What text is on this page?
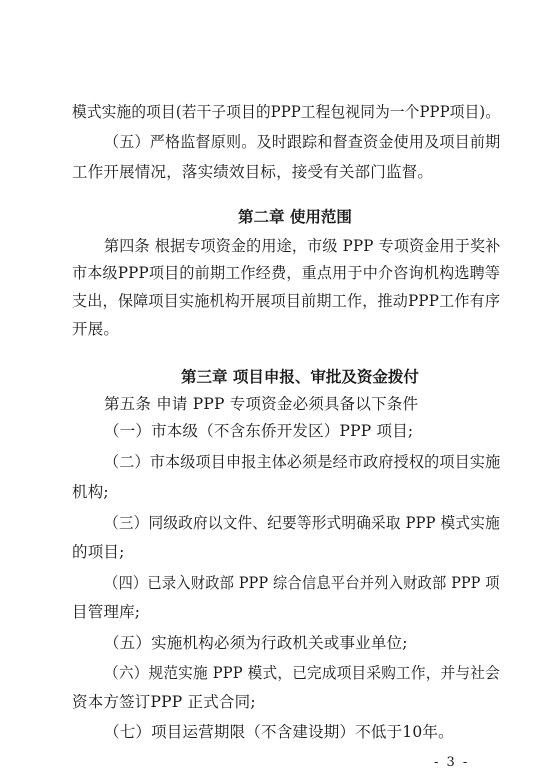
模式实施的项目(若干子项目的PPP工程包视同为一个PPP项目)。
（五）严格监督原则。及时跟踪和督查资金使用及项目前期
工作开展情况，落实绩效目标，接受有关部门监督。
第二章 使用范围
第四条 根据专项资金的用途，市级 PPP 专项资金用于奖补
市本级PPP项目的前期工作经费，重点用于中介咨询机构选聘等
支出，保障项目实施机构开展项目前期工作，推动PPP工作有序
开展。
第三章 项目申报、审批及资金拨付
第五条 申请 PPP 专项资金必须具备以下条件
（一）市本级（不含东侨开发区）PPP 项目;
（二）市本级项目申报主体必须是经市政府授权的项目实施
机构;
（三）同级政府以文件、纪要等形式明确采取 PPP 模式实施
的项目;
（四）已录入财政部 PPP 综合信息平台并列入财政部 PPP 项
目管理库;
（五）实施机构必须为行政机关或事业单位;
（六）规范实施 PPP 模式，已完成项目采购工作，并与社会
资本方签订PPP 正式合同;
（七）项目运营期限（不含建设期）不低于10年。
- 3 -
